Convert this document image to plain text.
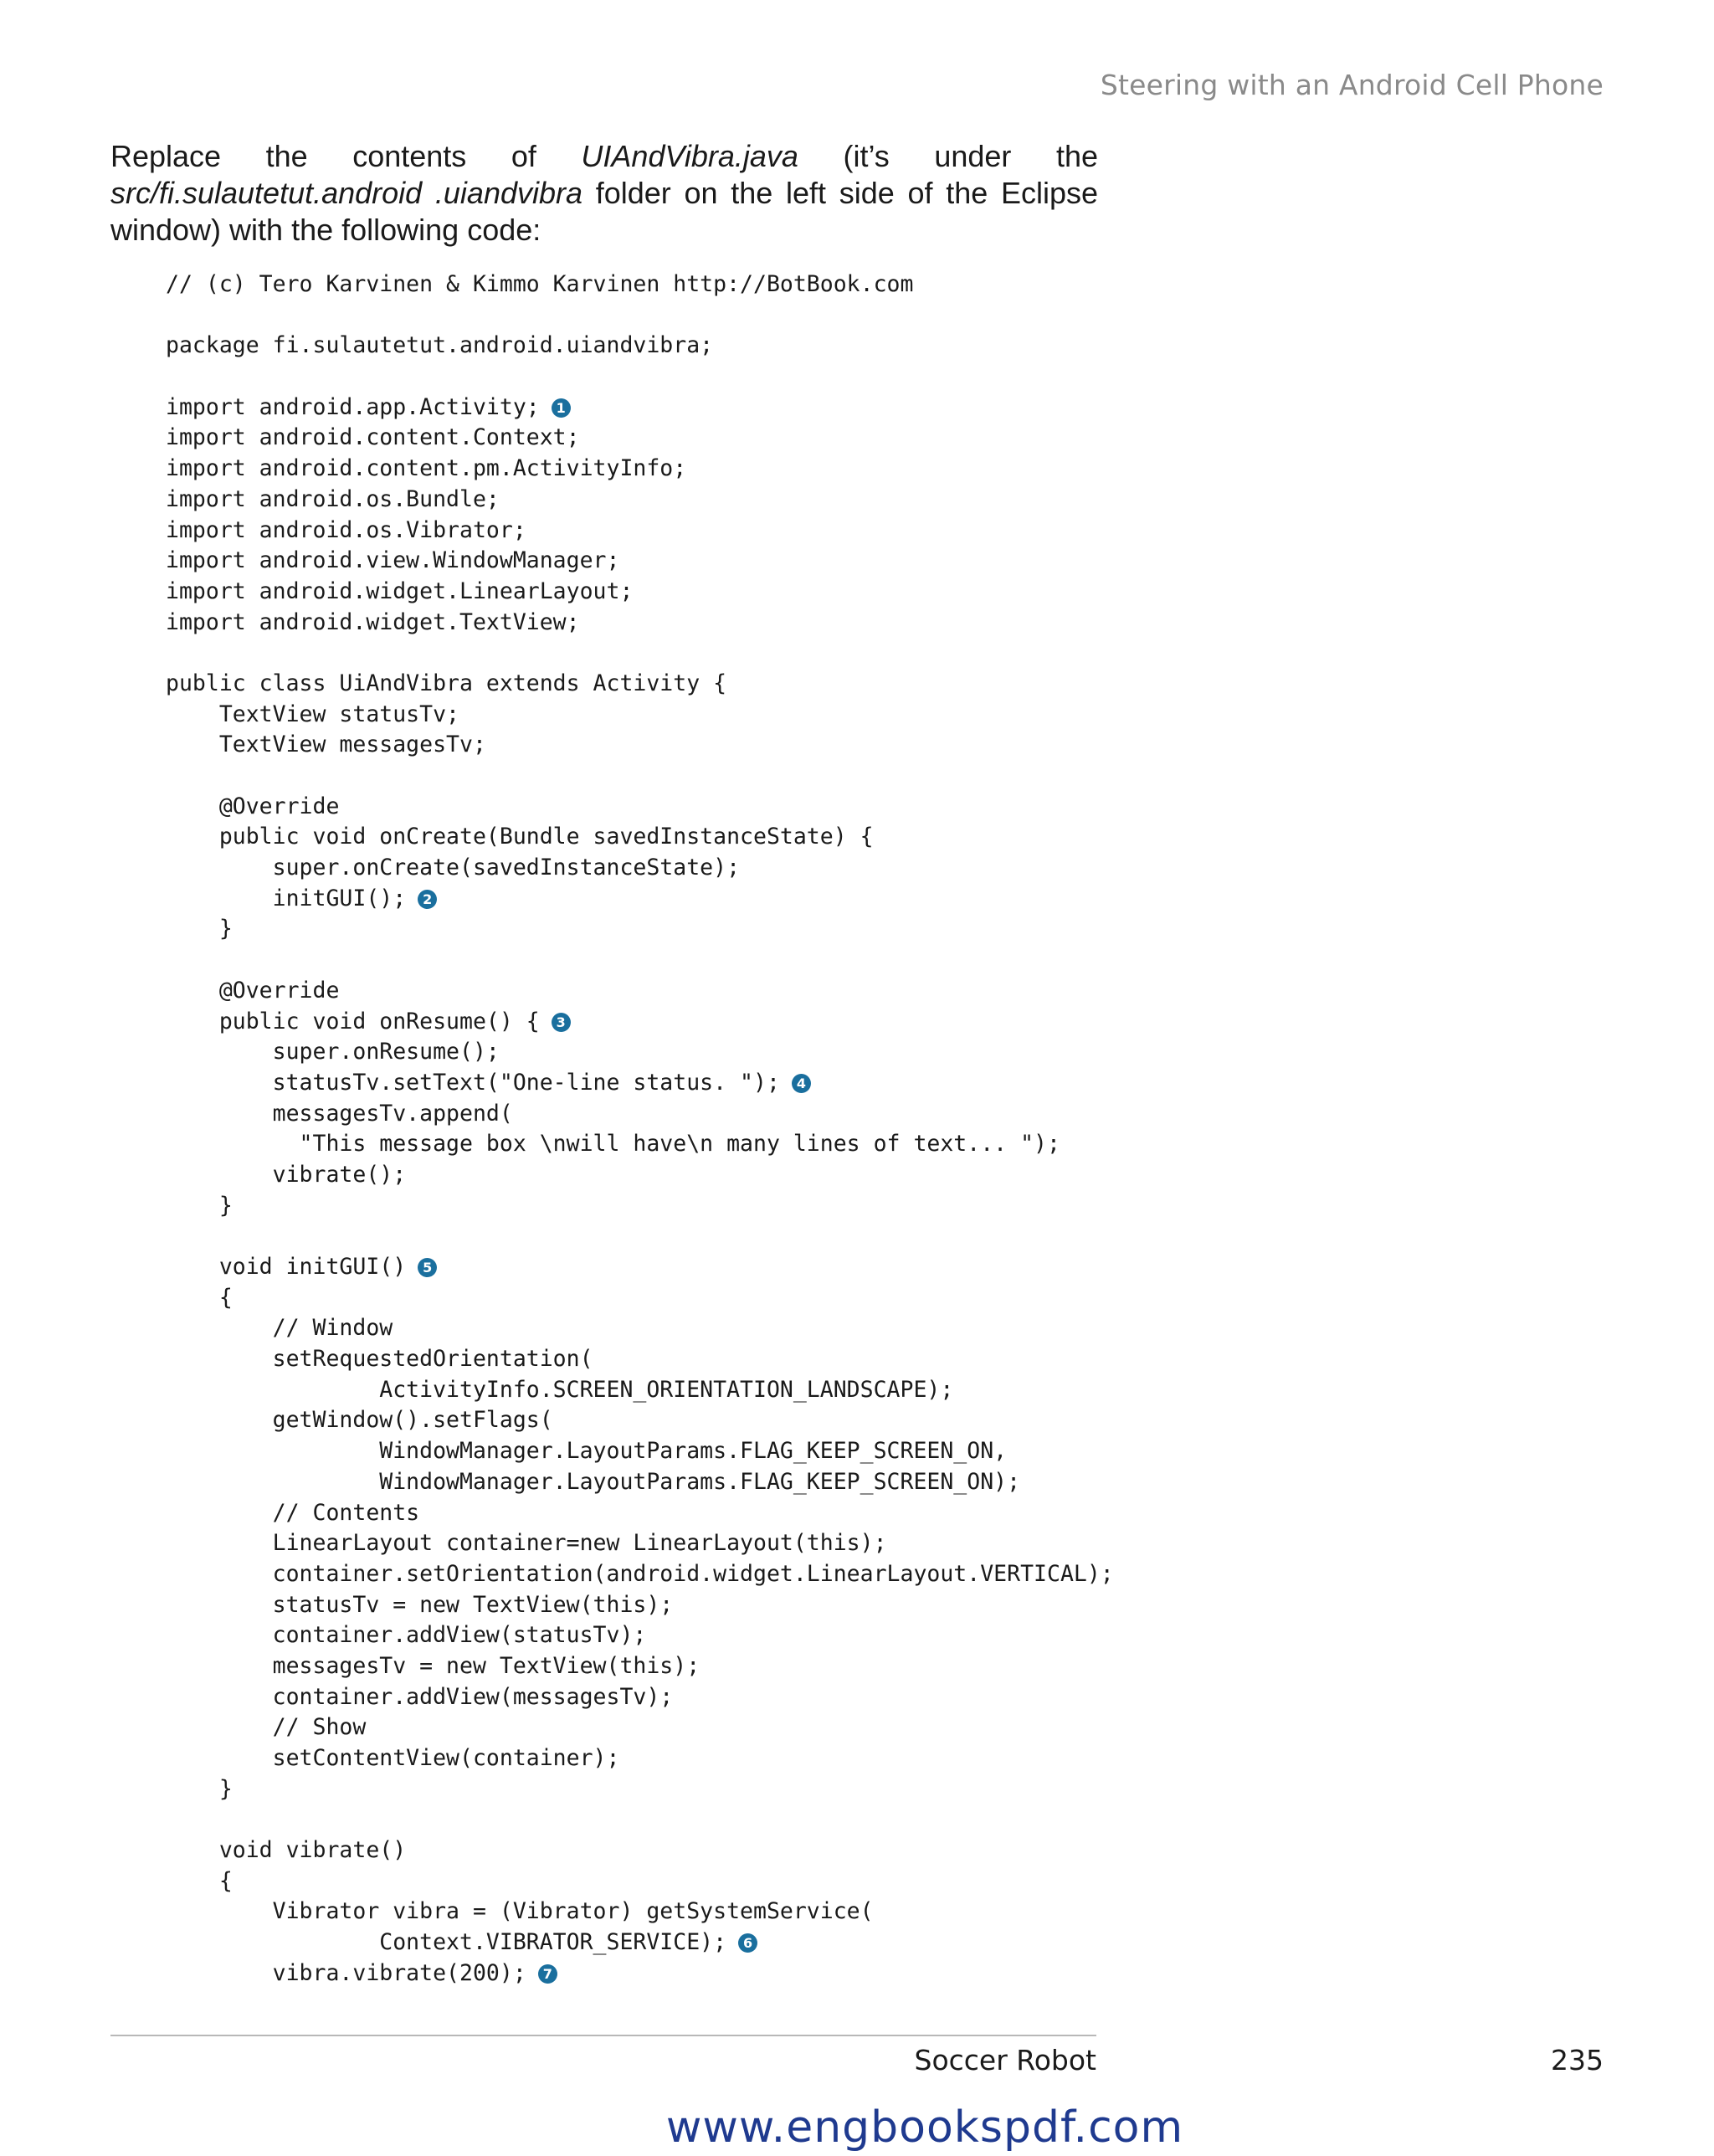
Steering with an Android Cell Phone

Replace the contents of UIAndVibra.java (it’s under the src/fi.sulautetut.android .uiandvibra folder on the left side of the Eclipse window) with the following code:

// (c) Tero Karvinen & Kimmo Karvinen http://BotBook.com
package fi.sulautetut.android.uiandvibra;
import android.app.Activity; 1
import android.content.Context;
import android.content.pm.ActivityInfo;
import android.os.Bundle;
import android.os.Vibrator;
import android.view.WindowManager;
import android.widget.LinearLayout;
import android.widget.TextView;
public class UiAndVibra extends Activity {
TextView statusTv;
TextView messagesTv;
@Override
public void onCreate(Bundle savedInstanceState) {
super.onCreate(savedInstanceState);
initGUI(); 2
}
@Override
public void onResume() { 3
super.onResume();
statusTv.setText("One-line status. "); 4
messagesTv.append(
"This message box \nwill have\n many lines of text... ");
vibrate();
}
void initGUI() 5
{
// Window
setRequestedOrientation(
ActivityInfo.SCREEN_ORIENTATION_LANDSCAPE);
getWindow().setFlags(
WindowManager.LayoutParams.FLAG_KEEP_SCREEN_ON,
WindowManager.LayoutParams.FLAG_KEEP_SCREEN_ON);
// Contents
LinearLayout container=new LinearLayout(this);
container.setOrientation(android.widget.LinearLayout.VERTICAL);
statusTv = new TextView(this);
container.addView(statusTv);
messagesTv = new TextView(this);
container.addView(messagesTv);
// Show
setContentView(container);
}
void vibrate()
{
Vibrator vibra = (Vibrator) getSystemService(
Context.VIBRATOR_SERVICE); 6
vibra.vibrate(200); 7
Soccer Robot	235
www.engbookspdf.com
